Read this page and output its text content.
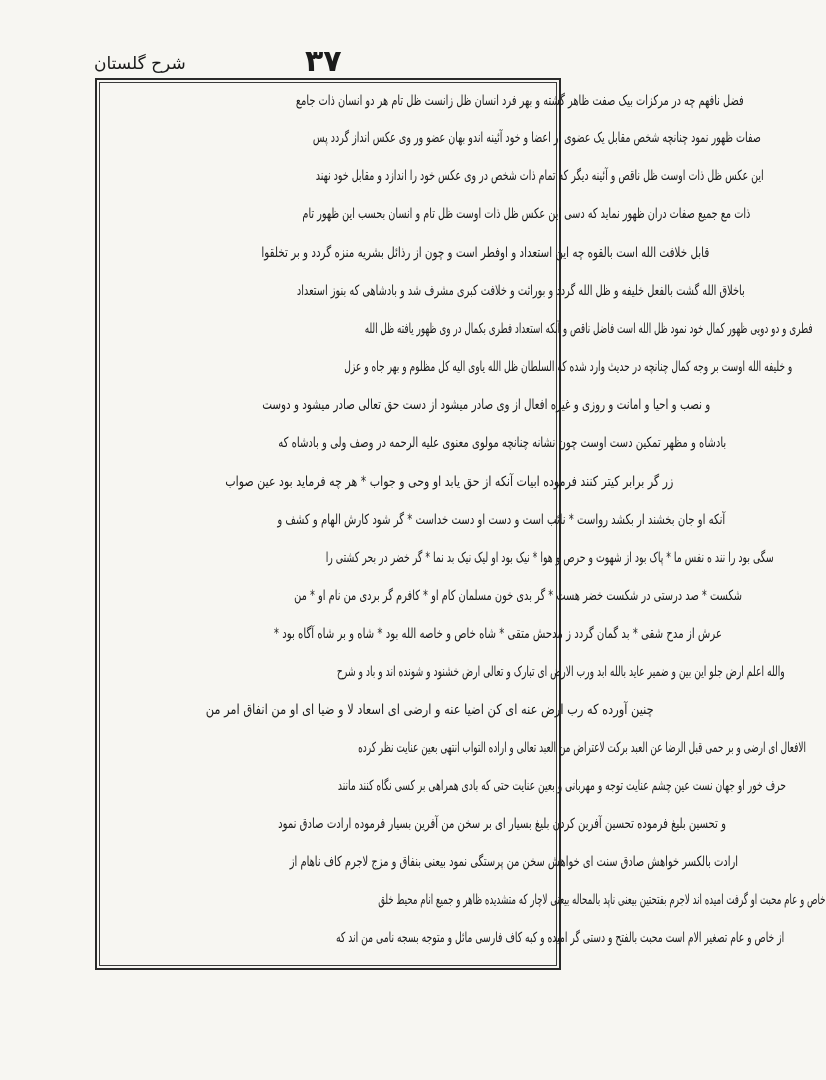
شرح گلستان	۳۷
فضل نافهم چه در مرکزات بیک صفت ظاهر گشته و بهر فرد انسان ظل زانست ظل تام هر دو انسان ذات جامع
صفات ظهور نمود چنانچه شخص مقابل یک عضوی ار اعضا و خود آئینه اندو بهان عضو ور وی عکس انداز گردد پس
این عکس ظل ذات اوست ظل ناقص و آئینه دیگر که تمام ذات شخص در وی عکس خود را اندازد و مقابل خود نهند
ذات مع جمیع صفات دران ظهور نماید که دسی این عکس ظل ذات اوست ظل تام و انسان بحسب این ظهور تام
قابل خلافت الله است بالقوه چه این استعداد و اوفطر است و چون از رذائل بشریه منزه گردد و بر تخلقوا
باخلاق الله گشت بالفعل خلیفه و ظل الله گردد و بوراثت و خلافت کبری مشرف شد و بادشاهی که بنوز استعداد
فطری و دو دویی ظهور کمال خود نمود ظل الله است فاضل ناقص و آنکه استعداد فطری بکمال در وی ظهور یافته ظل الله
و خلیفه الله اوست بر وجه کمال چنانچه در حدیث وارد شده که السلطان ظل الله یاوی الیه کل مظلوم و بهر جاه و عزل
و نصب و احیا و امانت و روزی و غیره افعال از وی صادر میشود از دست حق تعالی صادر میشود و دوست
بادشاه و مظهر تمکین دست اوست چون نشانه چنانچه مولوی معنوی علیه الرحمه در وصف ولی و بادشاه که
زر گر برابر کیتر کنند فرموده ابیات آنکه از حق یابد او وحی و جواب * هر چه فرماید بود عین صواب
آنکه او جان بخشند ار بکشد رواست * نائب است و دست او دست خداست * گر شود کارش الهام و کشف و
سگی بود را نند ه نفس ما * پاک بود از شهوت و حرص و هوا * نیک بود او لیک نیک بد نما * گر خضر در بحر کشتی را
شکست * صد درستی در شکست خضر هست * گر بدی خون مسلمان کام او * کافرم گر بردی من نام او * من
عرش از مدح شقی * بد گمان گردد ز مدحش متقی * شاه خاص و خاصه الله بود * شاه و بر شاه آگاه بود *
والله اعلم ارض جلو این بین و ضمیر عاید بالله ابد ورب الارض ای تبارک و تعالی ارض خشنود و شونده اند و باد و شرح
چنین آورده که رب ارض عنه ای کن اضیا عنه و ارضی ای اسعاد لا و ضیا ای او من انفاق امر من
الافعال ای ارضی و بر حمی قبل الرضا عن العبد برکت لاعتراض من العبد تعالی و اراده التواب انتهی بعین عنایت نظر کرده
حرف خور او جهان نست عین چشم عنایت توجه و مهربانی و بعین عنایت حتی که بادی همراهی بر کسی نگاه کنند مانند
و تحسین بلیغ فرموده تحسین آفرین کردن بلیغ بسیار ای بر سخن من آفرین بسیار فرموده ارادت صادق نمود
ارادت بالکسر خواهش صادق سنت ای خواهش سخن من پرستگی نمود بیعنی بنفاق و مزج لاجرم کاف ناهام از
خاص و عام محبت او گرفت امیده اند لاجرم بفتحتین بیعنی ناپد بالمحاله بیعنی لاچار که متشدیده ظاهر و جمیع انام محیط خلق
از خاص و عام تصغیر الام است محبت بالفتح و دستی گر امیده و کبه کاف فارسی مائل و متوجه بسجه نامی من اند که
